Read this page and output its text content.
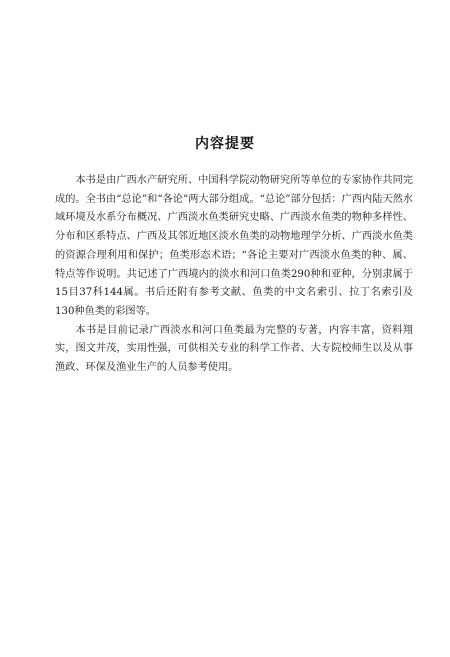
内容提要

本书是由广西水产研究所、中国科学院动物研究所等单位的专家协作共同完成的。全书由“总论”和“各论”两大部分组成。“总论”部分包括：广西内陆天然水域环境及水系分布概况、广西淡水鱼类研究史略、广西淡水鱼类的物种多样性、分布和区系特点、广西及其邻近地区淡水鱼类的动物地理学分析、广西淡水鱼类的资源合理利用和保护；鱼类形态术语；“各论主要对广西淡水鱼类的种、属、特点等作说明。共记述了广西境内的淡水和河口鱼类290种和亚种，分别隶属于15目37科144属。书后还附有参考文献、鱼类的中文名索引、拉丁名索引及130种鱼类的彩图等。

本书是目前记录广西淡水和河口鱼类最为完整的专著，内容丰富，资料翔实，图文并茂，实用性强，可供相关专业的科学工作者、大专院校师生以及从事渔政、环保及渔业生产的人员参考使用。
